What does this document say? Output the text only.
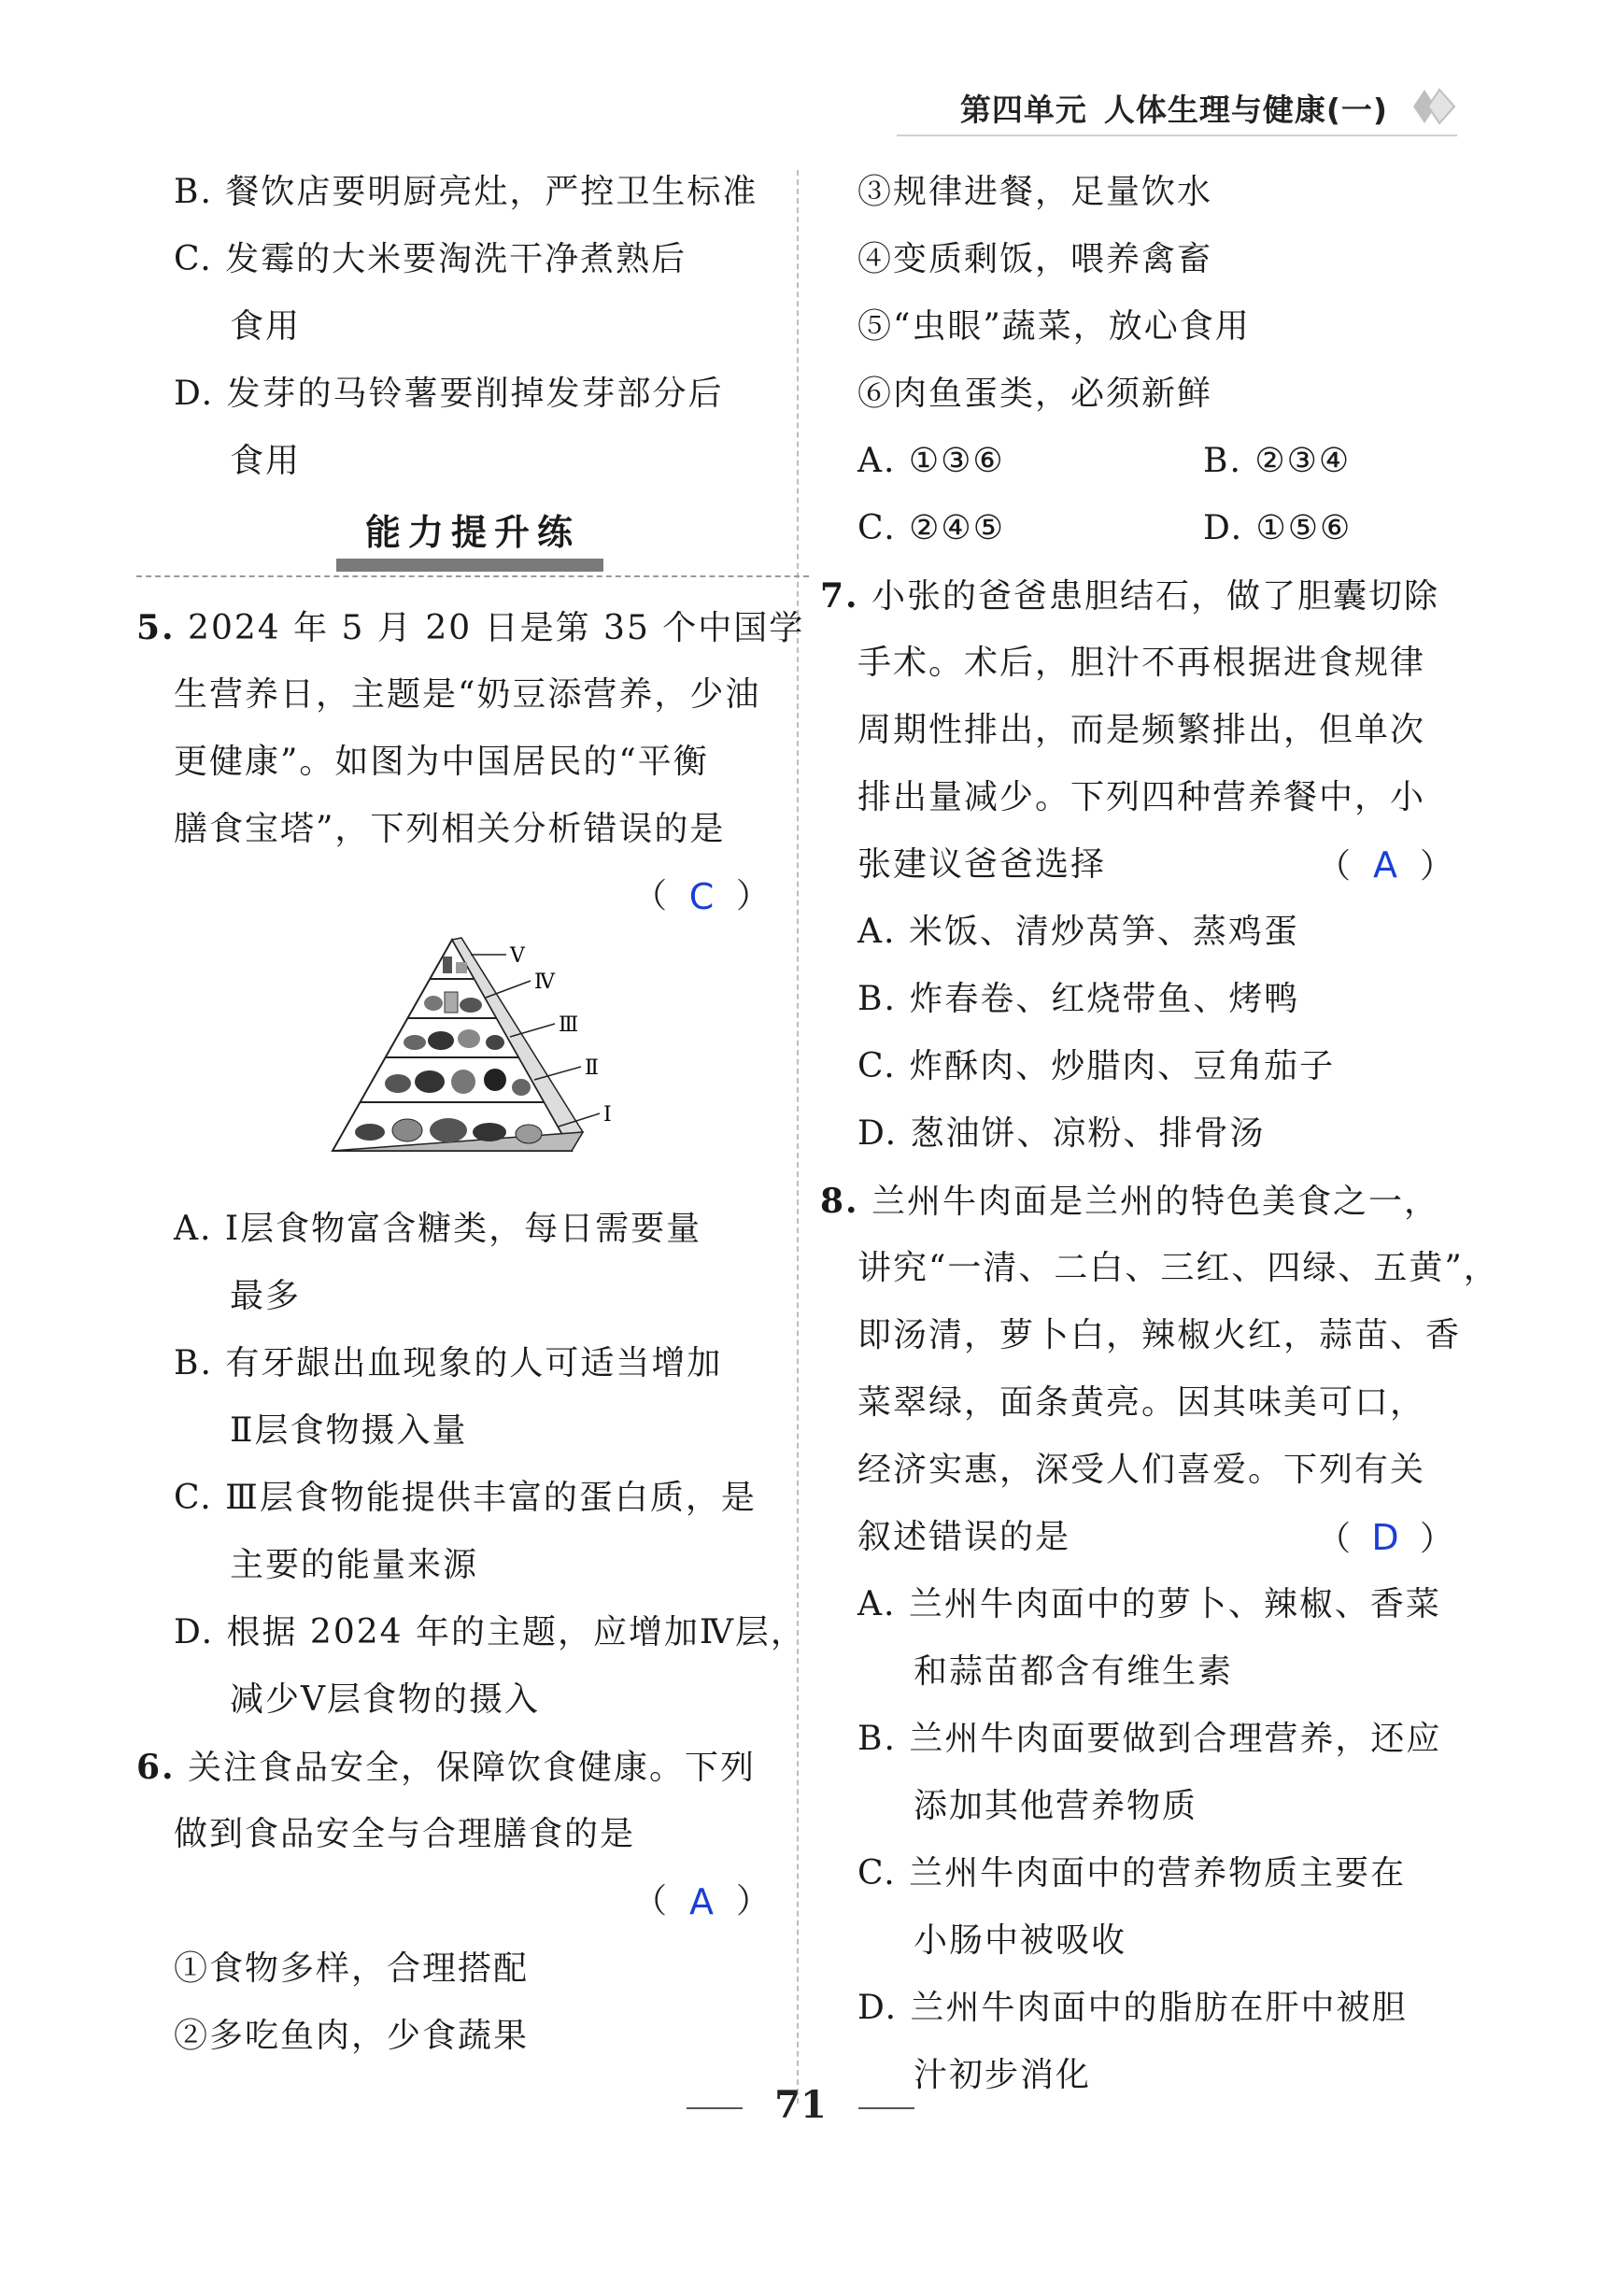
第四单元 人体生理与健康(一)
B. 餐饮店要明厨亮灶，严控卫生标准
C. 发霉的大米要淘洗干净煮熟后
食用
D. 发芽的马铃薯要削掉发芽部分后
食用
能力提升练
5. 2024 年 5 月 20 日是第 35 个中国学
生营养日，主题是“奶豆添营养，少油
更健康”。如图为中国居民的“平衡
膳食宝塔”，下列相关分析错误的是
（ C ）
V
Ⅳ
Ⅲ
Ⅱ
I
A. Ⅰ层食物富含糖类，每日需要量
最多
B. 有牙龈出血现象的人可适当增加
Ⅱ层食物摄入量
C. Ⅲ层食物能提供丰富的蛋白质，是
主要的能量来源
D. 根据 2024 年的主题，应增加Ⅳ层，
减少Ⅴ层食物的摄入
6. 关注食品安全，保障饮食健康。下列
做到食品安全与合理膳食的是
（ A ）
①食物多样，合理搭配
②多吃鱼肉，少食蔬果
③规律进餐，足量饮水
④变质剩饭，喂养禽畜
⑤“虫眼”蔬菜，放心食用
⑥肉鱼蛋类，必须新鲜
A. ①③⑥	B. ②③④
C. ②④⑤	D. ①⑤⑥
7. 小张的爸爸患胆结石，做了胆囊切除
手术。术后，胆汁不再根据进食规律
周期性排出，而是频繁排出，但单次
排出量减少。下列四种营养餐中，小
张建议爸爸选择	（ A ）
A. 米饭、清炒莴笋、蒸鸡蛋
B. 炸春卷、红烧带鱼、烤鸭
C. 炸酥肉、炒腊肉、豆角茄子
D. 葱油饼、凉粉、排骨汤
8. 兰州牛肉面是兰州的特色美食之一，
讲究“一清、二白、三红、四绿、五黄”，
即汤清，萝卜白，辣椒火红，蒜苗、香
菜翠绿，面条黄亮。因其味美可口，
经济实惠，深受人们喜爱。下列有关
叙述错误的是	（ D ）
A. 兰州牛肉面中的萝卜、辣椒、香菜
和蒜苗都含有维生素
B. 兰州牛肉面要做到合理营养，还应
添加其他营养物质
C. 兰州牛肉面中的营养物质主要在
小肠中被吸收
D. 兰州牛肉面中的脂肪在肝中被胆
汁初步消化
71
